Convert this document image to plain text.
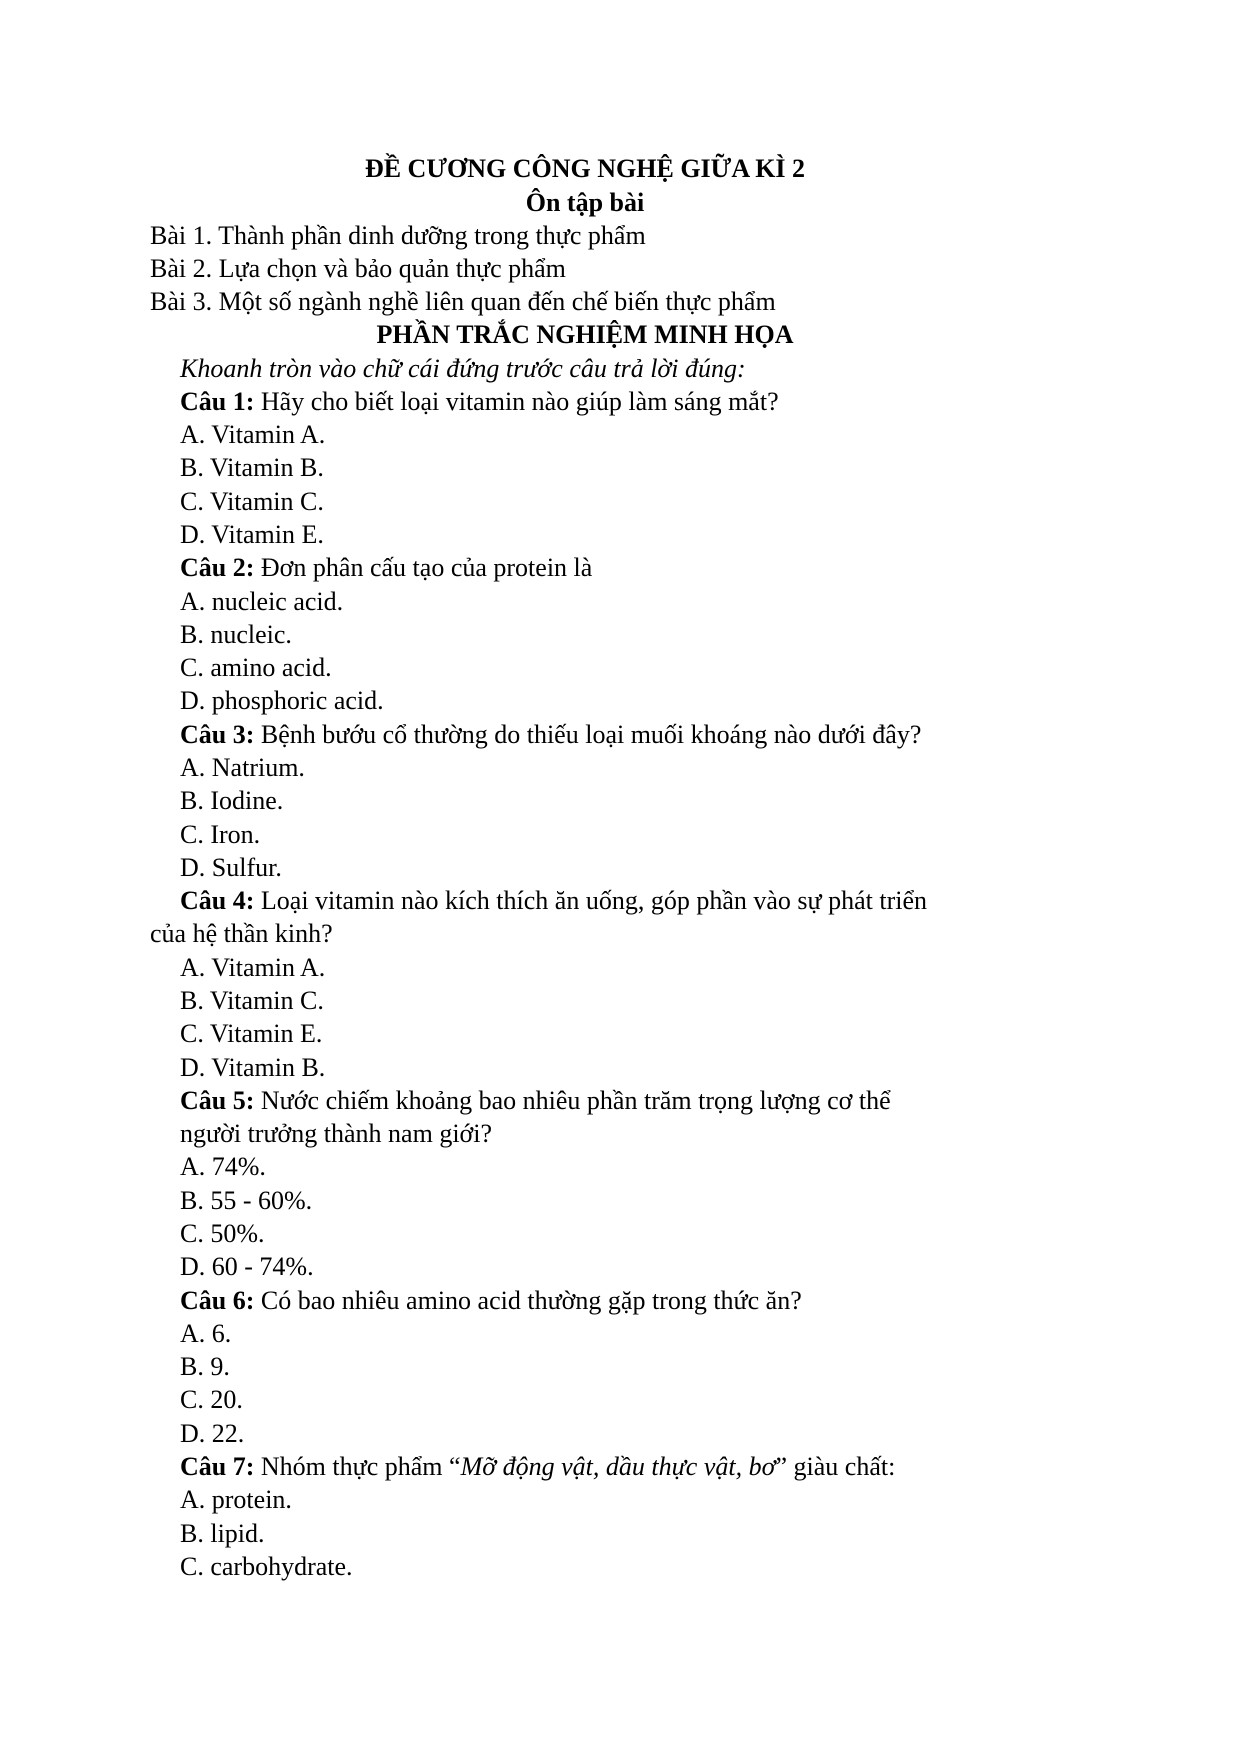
ĐỀ CƯƠNG CÔNG NGHỆ GIỮA KÌ 2
Ôn tập bài
Bài 1. Thành phần dinh dưỡng trong thực phẩm
Bài 2. Lựa chọn và bảo quản thực phẩm
Bài 3. Một số ngành nghề liên quan đến chế biến thực phẩm
PHẦN TRẮC NGHIỆM MINH HỌA
Khoanh tròn vào chữ cái đứng trước câu trả lời đúng:
Câu 1: Hãy cho biết loại vitamin nào giúp làm sáng mắt?
A. Vitamin A.
B. Vitamin B.
C. Vitamin C.
D. Vitamin E.
Câu 2: Đơn phân cấu tạo của protein là
A. nucleic acid.
B. nucleic.
C. amino acid.
D. phosphoric acid.
Câu 3: Bệnh bướu cổ thường do thiếu loại muối khoáng nào dưới đây?
A. Natrium.
B. Iodine.
C. Iron.
D. Sulfur.
Câu 4: Loại vitamin nào kích thích ăn uống, góp phần vào sự phát triển
của hệ thần kinh?
A. Vitamin A.
B. Vitamin C.
C. Vitamin E.
D. Vitamin B.
Câu 5: Nước chiếm khoảng bao nhiêu phần trăm trọng lượng cơ thể
người trưởng thành nam giới?
A. 74%.
B. 55 - 60%.
C. 50%.
D. 60 - 74%.
Câu 6: Có bao nhiêu amino acid thường gặp trong thức ăn?
A. 6.
B. 9.
C. 20.
D. 22.
Câu 7: Nhóm thực phẩm “Mỡ động vật, dầu thực vật, bơ” giàu chất:
A. protein.
B. lipid.
C. carbohydrate.
